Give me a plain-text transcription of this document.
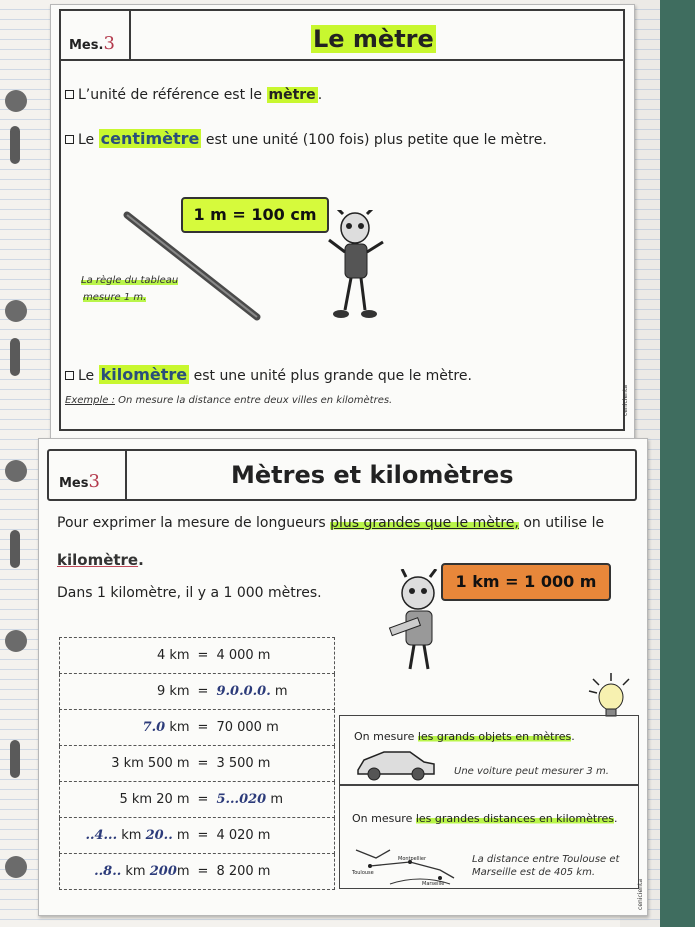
Mes.3	Le mètre
L’unité de référence est le mètre .
Le centimètre est une unité (100 fois) plus petite que le mètre.
1 m = 100 cm
La règle du tableau
mesure 1 m.
Le kilomètre est une unité plus grande que le mètre.
Exemple : On mesure la distance entre deux villes en kilomètres.	cenicienta
Mes3	Mètres et kilomètres
Pour exprimer la mesure de longueurs plus grandes que le mètre, on utilise le
kilomètre.
Dans 1 kilomètre, il y a 1 000 mètres.
1 km = 1 000 m
4 km = 4 000 m

9 km = 9.0.0.0. m

7.0 km = 70 000 m

3 km 500 m = 3 500 m

5 km 20 m = 5...020 m

..4... km 20.. m = 4 020 m

..8.. km 200m = 8 200 m
On mesure les grands objets en mètres.
Une voiture peut mesurer 3 m.
On mesure les grandes distances en kilomètres.
Toulouse
Montpellier
Marseille
La distance entre Toulouse et
Marseille est de 405 km.
cenicienta
